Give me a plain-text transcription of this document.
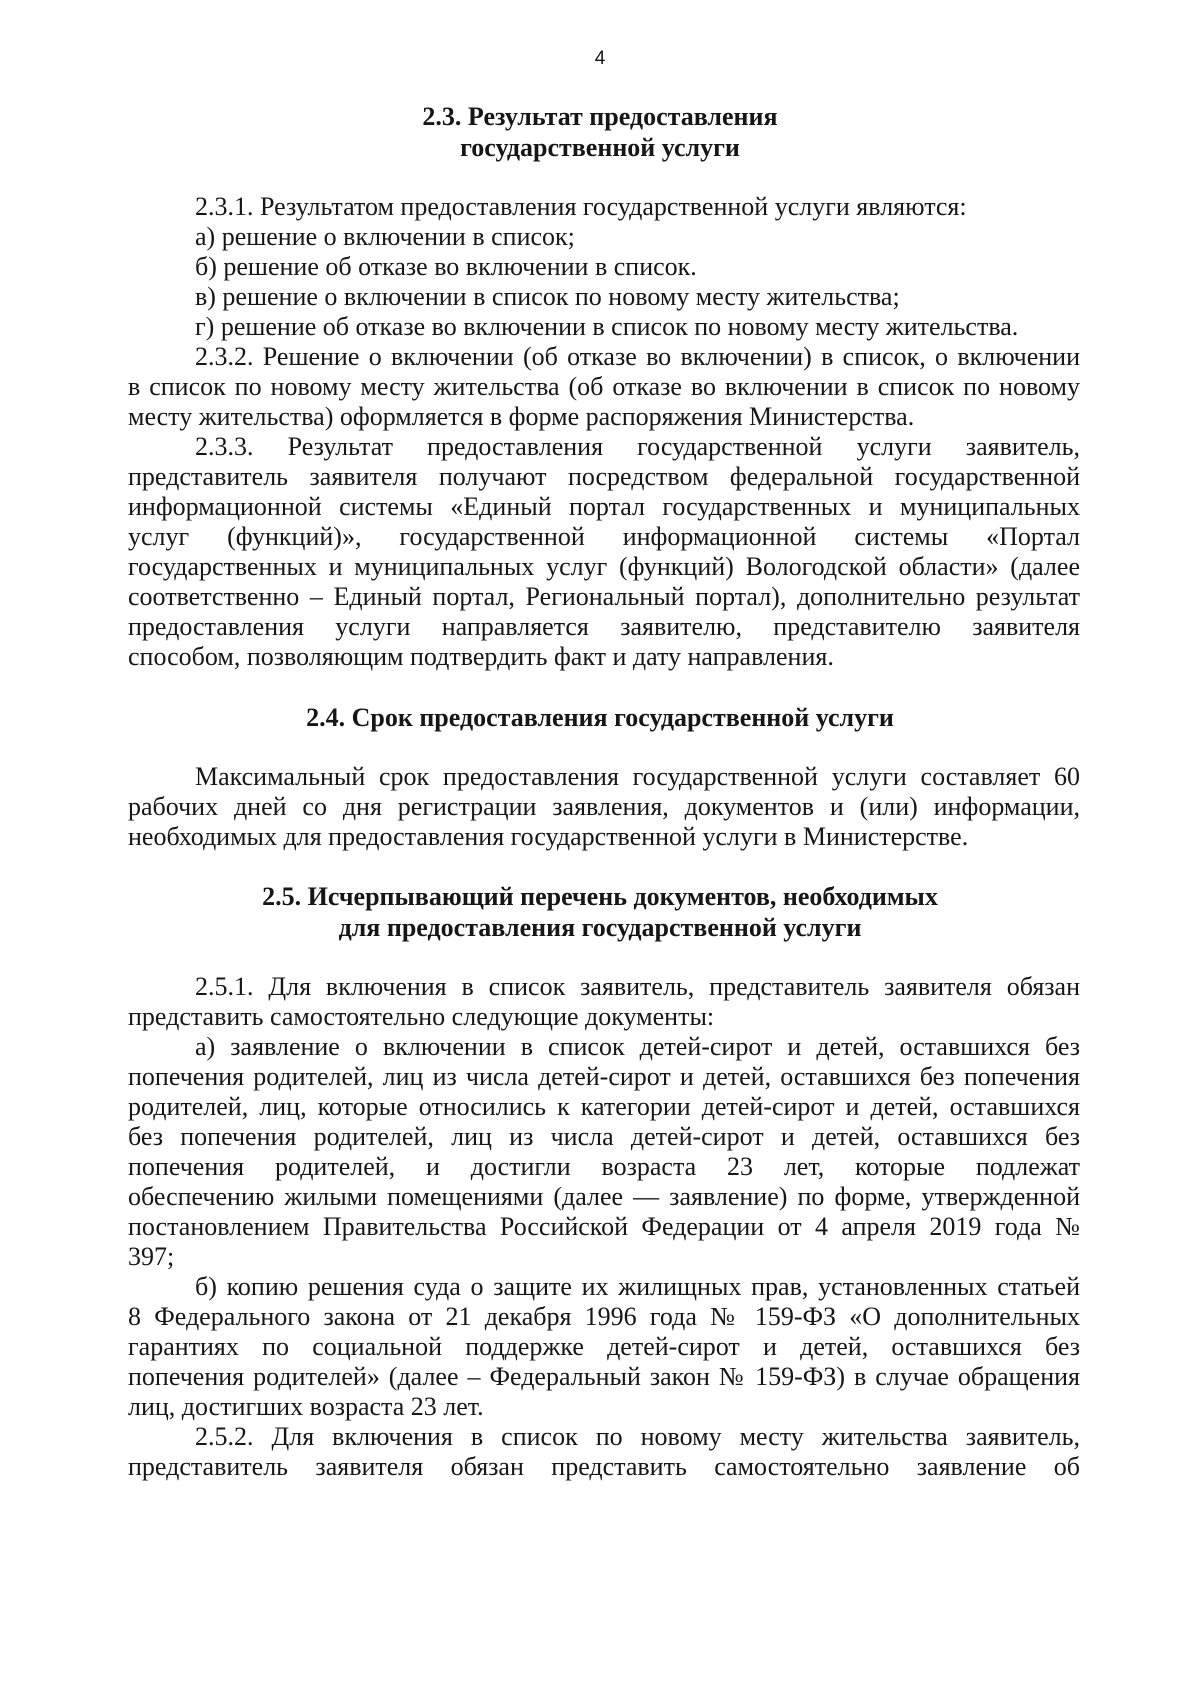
4
2.3. Результат предоставления
государственной услуги
2.3.1. Результатом предоставления государственной услуги являются:
а) решение о включении в список;
б) решение об отказе во включении в список.
в) решение о включении в список по новому месту жительства;
г) решение об отказе во включении в список по новому месту жительства.
2.3.2. Решение о включении (об отказе во включении) в список, о включении
в список по новому месту жительства (об отказе во включении в список по новому
месту жительства) оформляется в форме распоряжения Министерства.
2.3.3. Результат предоставления государственной услуги заявитель,
представитель заявителя получают посредством федеральной государственной
информационной системы «Единый портал государственных и муниципальных
услуг (функций)», государственной информационной системы «Портал
государственных и муниципальных услуг (функций) Вологодской области» (далее
соответственно – Единый портал, Региональный портал), дополнительно результат
предоставления услуги направляется заявителю, представителю заявителя
способом, позволяющим подтвердить факт и дату направления.
2.4. Срок предоставления государственной услуги
Максимальный срок предоставления государственной услуги составляет 60
рабочих дней со дня регистрации заявления, документов и (или) информации,
необходимых для предоставления государственной услуги в Министерстве.
2.5. Исчерпывающий перечень документов, необходимых
для предоставления государственной услуги
2.5.1. Для включения в список заявитель, представитель заявителя обязан
представить самостоятельно следующие документы:
а) заявление о включении в список детей-сирот и детей, оставшихся без
попечения родителей, лиц из числа детей-сирот и детей, оставшихся без попечения
родителей, лиц, которые относились к категории детей-сирот и детей, оставшихся
без попечения родителей, лиц из числа детей-сирот и детей, оставшихся без
попечения родителей, и достигли возраста 23 лет, которые подлежат
обеспечению жилыми помещениями (далее — заявление) по форме, утвержденной
постановлением Правительства Российской Федерации от 4 апреля 2019 года №
397;
б) копию решения суда о защите их жилищных прав, установленных статьей
8 Федерального закона от 21 декабря 1996 года № 159-ФЗ «О дополнительных
гарантиях по социальной поддержке детей-сирот и детей, оставшихся без
попечения родителей» (далее – Федеральный закон № 159-ФЗ) в случае обращения
лиц, достигших возраста 23 лет.
2.5.2. Для включения в список по новому месту жительства заявитель,
представитель заявителя обязан представить самостоятельно заявление об
